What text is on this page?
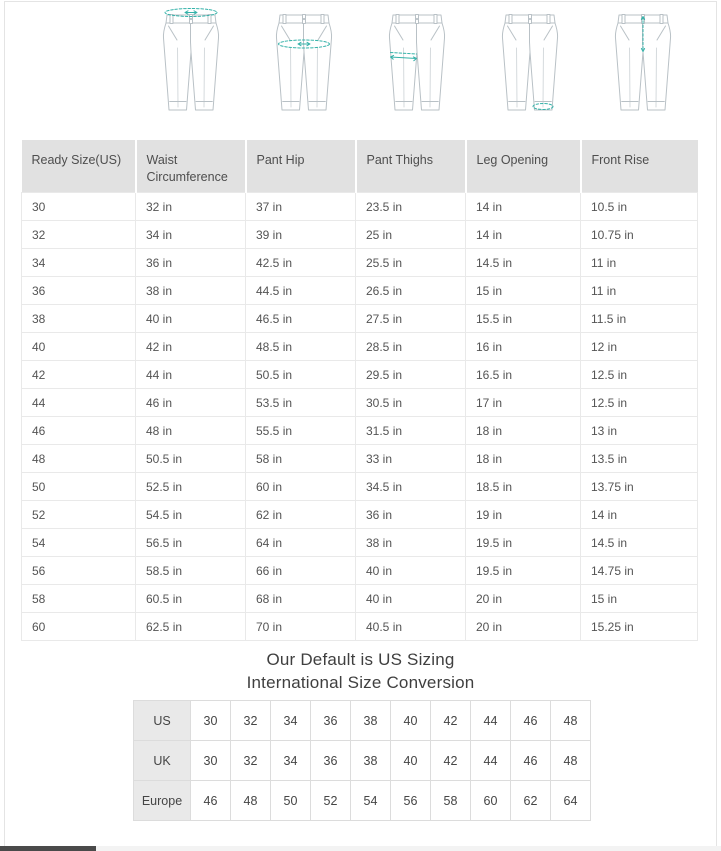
Ready Size(US)	Waist Circumference	Pant Hip	Pant Thighs	Leg Opening	Front Rise
30	32 in	37 in	23.5 in	14 in	10.5 in
32	34 in	39 in	25 in	14 in	10.75 in
34	36 in	42.5 in	25.5 in	14.5 in	11 in
36	38 in	44.5 in	26.5 in	15 in	11 in
38	40 in	46.5 in	27.5 in	15.5 in	11.5 in
40	42 in	48.5 in	28.5 in	16 in	12 in
42	44 in	50.5 in	29.5 in	16.5 in	12.5 in
44	46 in	53.5 in	30.5 in	17 in	12.5 in
46	48 in	55.5 in	31.5 in	18 in	13 in
48	50.5 in	58 in	33 in	18 in	13.5 in
50	52.5 in	60 in	34.5 in	18.5 in	13.75 in
52	54.5 in	62 in	36 in	19 in	14 in
54	56.5 in	64 in	38 in	19.5 in	14.5 in
56	58.5 in	66 in	40 in	19.5 in	14.75 in
58	60.5 in	68 in	40 in	20 in	15 in
60	62.5 in	70 in	40.5 in	20 in	15.25 in
Our Default is US Sizing
International Size Conversion
US	30	32	34	36	38	40	42	44	46	48
UK	30	32	34	36	38	40	42	44	46	48
Europe	46	48	50	52	54	56	58	60	62	64
